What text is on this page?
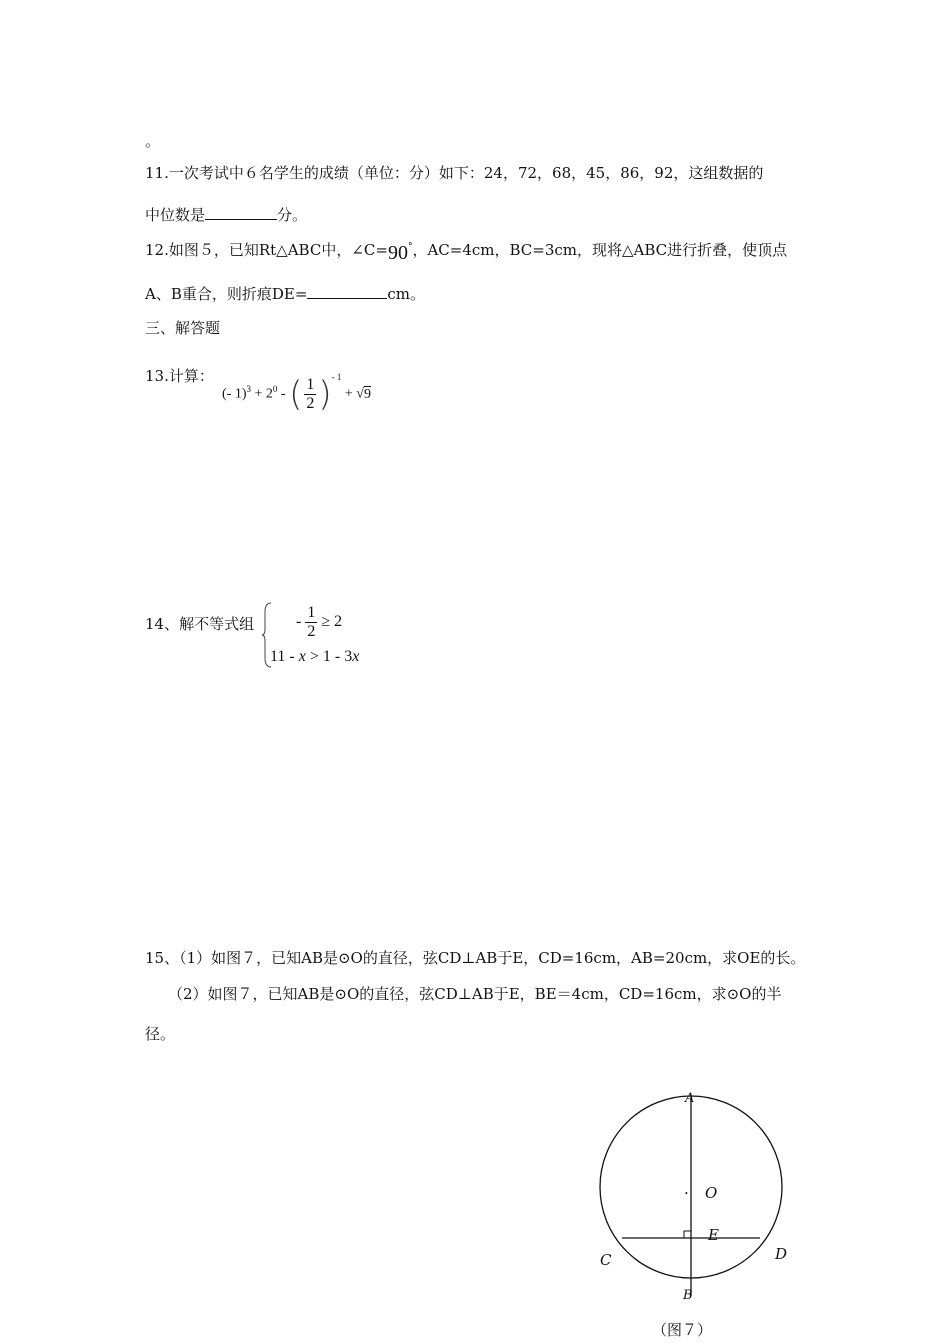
。
11.一次考试中６名学生的成绩（单位：分）如下：24，72，68，45，86，92，这组数据的
中位数是	分。
12.如图５，已知Rt△ABC中，∠C=90°，AC=4cm，BC=3cm，现将△ABC进行折叠，使顶点
A、B重合，则折痕DE=	cm。
三、解答题
13.计算：
(- $1)^3 + 2^0$ - ( $\frac{1}{2} )^{- 1} + √9$
14、解不等式组	- $\frac{1}{2} \ge 2$
11 - x > 1 - 3x
15、（1）如图７，已知AB是⊙O的直径，弦CD⊥AB于E，CD=16cm，AB=20cm，求OE的长。
（2）如图７，已知AB是⊙O的直径，弦CD⊥AB于E，BE＝4cm，CD=16cm，求⊙O的半
径。
A
. O
E
C	D
B
（图７）
